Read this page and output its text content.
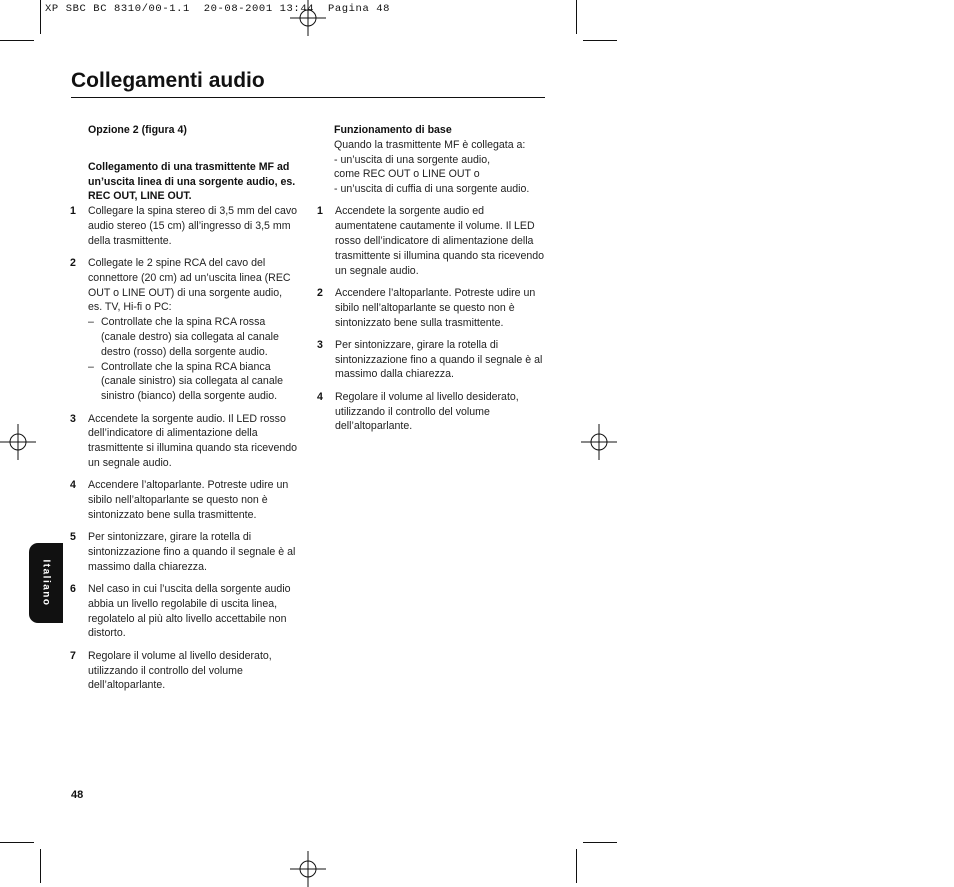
XP SBC BC 8310/00-1.1  20-08-2001 13:44  Pagina 48
Collegamenti audio
Opzione 2 (figura 4)
Collegamento di una trasmittente MF ad un’uscita linea di una sorgente audio, es. REC OUT, LINE OUT.
1 Collegare la spina stereo di 3,5 mm del cavo audio stereo (15 cm) all’ingresso di 3,5 mm della trasmittente.
2 Collegate le 2 spine RCA del cavo del connettore (20 cm) ad un’uscita linea (REC OUT o LINE OUT) di una sorgente audio, es. TV, Hi-fi o PC:
– Controllate che la spina RCA rossa (canale destro) sia collegata al canale destro (rosso) della sorgente audio.
– Controllate che la spina RCA bianca (canale sinistro) sia collegata al canale sinistro (bianco) della sorgente audio.
3 Accendete la sorgente audio. Il LED rosso dell’indicatore di alimentazione della trasmittente si illumina quando sta ricevendo un segnale audio.
4 Accendere l’altoparlante. Potreste udire un sibilo nell’altoparlante se questo non è sintonizzato bene sulla trasmittente.
5 Per sintonizzare, girare la rotella di sintonizzazione fino a quando il segnale è al massimo dalla chiarezza.
6 Nel caso in cui l’uscita della sorgente audio abbia un livello regolabile di uscita linea, regolatelo al più alto livello accettabile non distorto.
7 Regolare il volume al livello desiderato, utilizzando il controllo del volume dell’altoparlante.
Funzionamento di base
Quando la trasmittente MF è collegata a:
- un’uscita di una sorgente audio,
come REC OUT o LINE OUT o
- un’uscita di cuffia di una sorgente audio.
1 Accendete la sorgente audio ed aumentatene cautamente il volume. Il LED rosso dell’indicatore di alimentazione della trasmittente si illumina quando sta ricevendo un segnale audio.
2 Accendere l’altoparlante. Potreste udire un sibilo nell’altoparlante se questo non è sintonizzato bene sulla trasmittente.
3 Per sintonizzare, girare la rotella di sintonizzazione fino a quando il segnale è al massimo dalla chiarezza.
4 Regolare il volume al livello desiderato, utilizzando il controllo del volume dell’altoparlante.
Italiano
48
